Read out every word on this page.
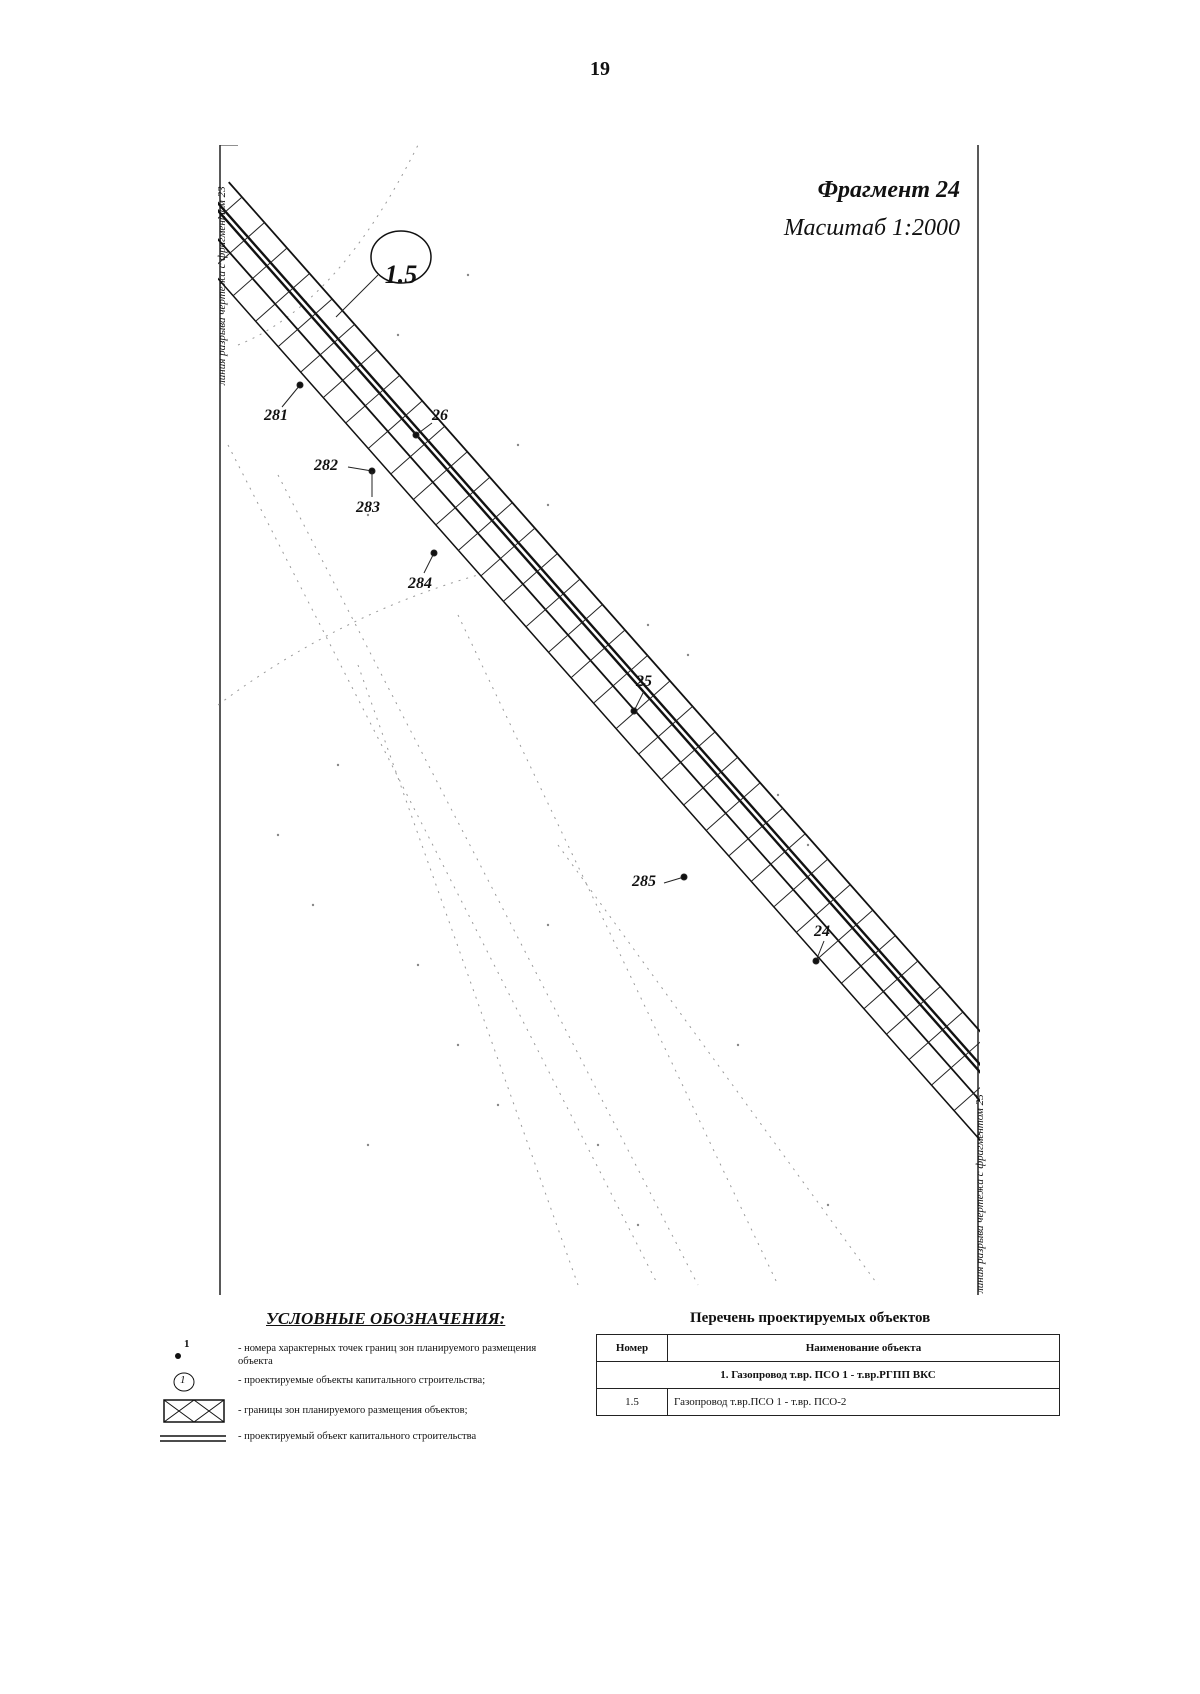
19
Фрагмент 24
Масштаб 1:2000
линия разрыва чертежа с фрагментом 23
линия разрыва чертежа с фрагментом 25
1.5
281	26
282
283
284
25
285
24
УСЛОВНЫЕ ОБОЗНАЧЕНИЯ:
1	- номера характерных точек границ зон планируемого размещения объекта
1	- проектируемые объекты капитального строительства;
- границы зон планируемого размещения объектов;
- проектируемый объект капитального строительства
Перечень проектируемых объектов
Номер	Наименование объекта
1. Газопровод т.вр. ПСО 1 - т.вр.РГПП ВКС	
1.5	Газопровод т.вр.ПСО 1 - т.вр. ПСО-2
